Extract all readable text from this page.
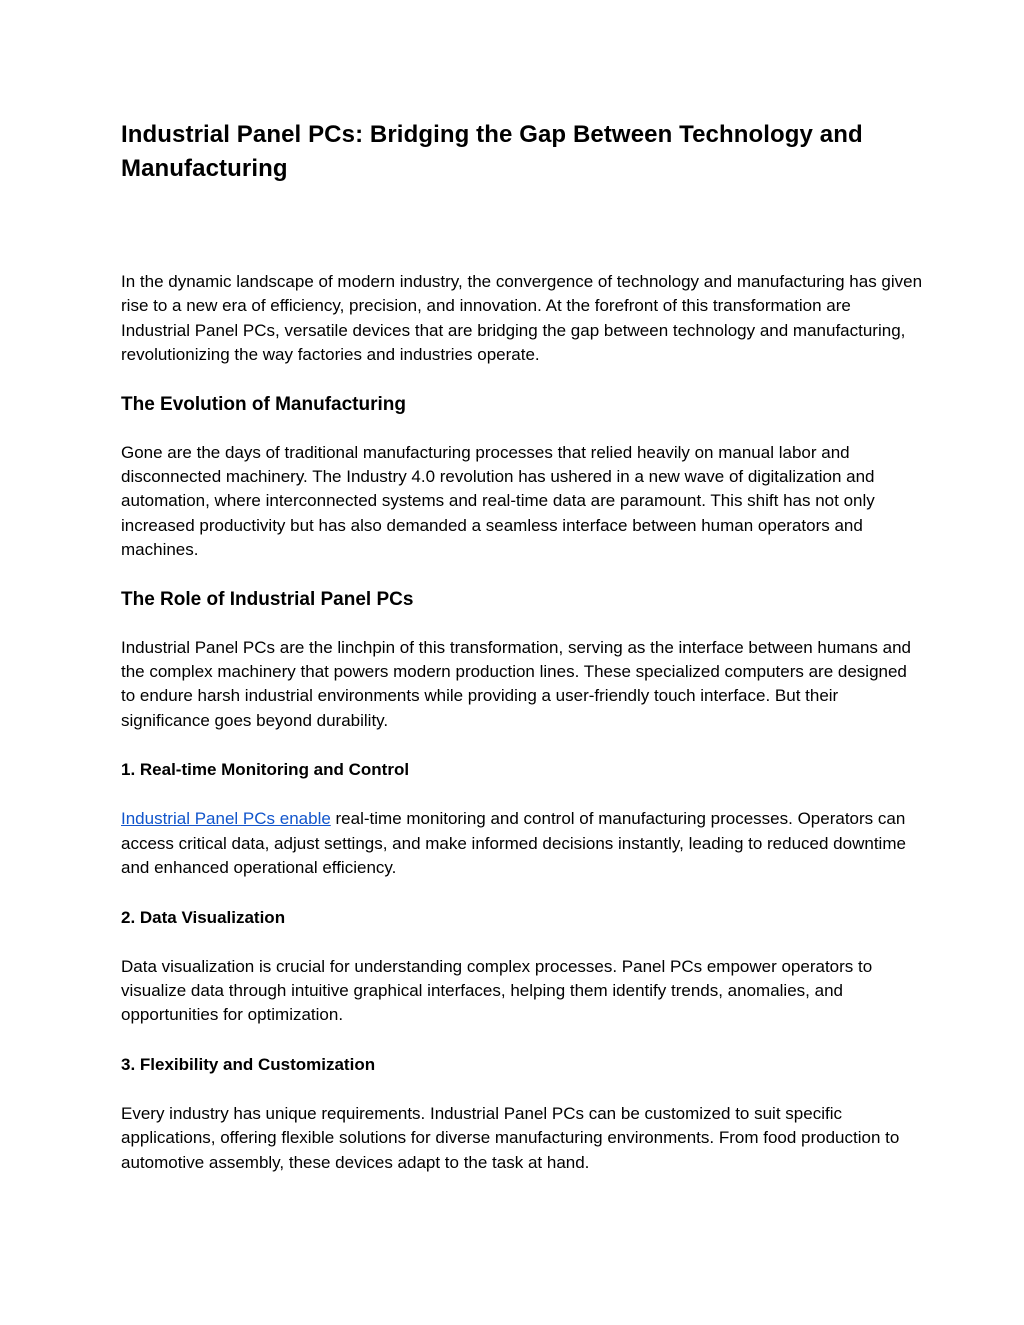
Industrial Panel PCs: Bridging the Gap Between Technology and Manufacturing

In the dynamic landscape of modern industry, the convergence of technology and manufacturing has given rise to a new era of efficiency, precision, and innovation. At the forefront of this transformation are Industrial Panel PCs, versatile devices that are bridging the gap between technology and manufacturing, revolutionizing the way factories and industries operate.

The Evolution of Manufacturing

Gone are the days of traditional manufacturing processes that relied heavily on manual labor and disconnected machinery. The Industry 4.0 revolution has ushered in a new wave of digitalization and automation, where interconnected systems and real-time data are paramount. This shift has not only increased productivity but has also demanded a seamless interface between human operators and machines.

The Role of Industrial Panel PCs

Industrial Panel PCs are the linchpin of this transformation, serving as the interface between humans and the complex machinery that powers modern production lines. These specialized computers are designed to endure harsh industrial environments while providing a user-friendly touch interface. But their significance goes beyond durability.

1. Real-time Monitoring and Control

Industrial Panel PCs enable real-time monitoring and control of manufacturing processes. Operators can access critical data, adjust settings, and make informed decisions instantly, leading to reduced downtime and enhanced operational efficiency.

2. Data Visualization

Data visualization is crucial for understanding complex processes. Panel PCs empower operators to visualize data through intuitive graphical interfaces, helping them identify trends, anomalies, and opportunities for optimization.

3. Flexibility and Customization

Every industry has unique requirements. Industrial Panel PCs can be customized to suit specific applications, offering flexible solutions for diverse manufacturing environments. From food production to automotive assembly, these devices adapt to the task at hand.
